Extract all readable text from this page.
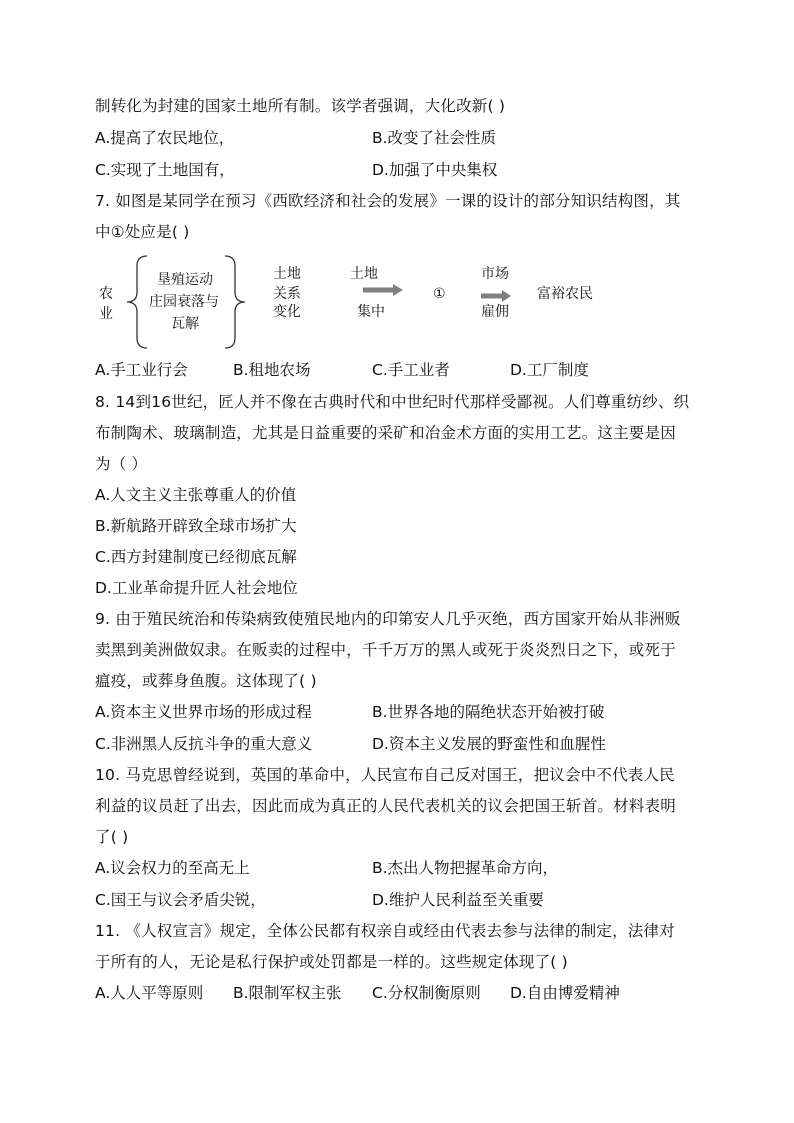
制转化为封建的国家土地所有制。该学者强调，大化改新( )
A.提高了农民地位，	B.改变了社会性质
C.实现了土地国有，	D.加强了中央集权
7. 如图是某同学在预习《西欧经济和社会的发展》一课的设计的部分知识结构图，其
中①处应是( )
农
业
垦殖运动
庄园衰落与
瓦解
土地
关系
变化
土地
集中
①
市场
雇佣
富裕农民
A.手工业行会	B.租地农场	C.手工业者	D.工厂制度
8. 14到16世纪，匠人并不像在古典时代和中世纪时代那样受鄙视。人们尊重纺纱、织
布制陶术、玻璃制造，尤其是日益重要的采矿和冶金术方面的实用工艺。这主要是因
为（ ）
A.人文主义主张尊重人的价值
B.新航路开辟致全球市场扩大
C.西方封建制度已经彻底瓦解
D.工业革命提升匠人社会地位
9. 由于殖民统治和传染病致使殖民地内的印第安人几乎灭绝，西方国家开始从非洲贩
卖黑到美洲做奴隶。在贩卖的过程中，千千万万的黑人或死于炎炎烈日之下，或死于
瘟疫，或葬身鱼腹。这体现了( )
A.资本主义世界市场的形成过程	B.世界各地的隔绝状态开始被打破
C.非洲黑人反抗斗争的重大意义	D.资本主义发展的野蛮性和血腥性
10. 马克思曾经说到，英国的革命中，人民宣布自己反对国王，把议会中不代表人民
利益的议员赶了出去，因此而成为真正的人民代表机关的议会把国王斩首。材料表明
了( )
A.议会权力的至高无上	B.杰出人物把握革命方向，
C.国王与议会矛盾尖锐，	D.维护人民利益至关重要
11. 《人权宣言》规定，全体公民都有权亲自或经由代表去参与法律的制定，法律对
于所有的人，无论是私行保护或处罚都是一样的。这些规定体现了( )
A.人人平等原则 B.限制军权主张 C.分权制衡原则 D.自由博爱精神
